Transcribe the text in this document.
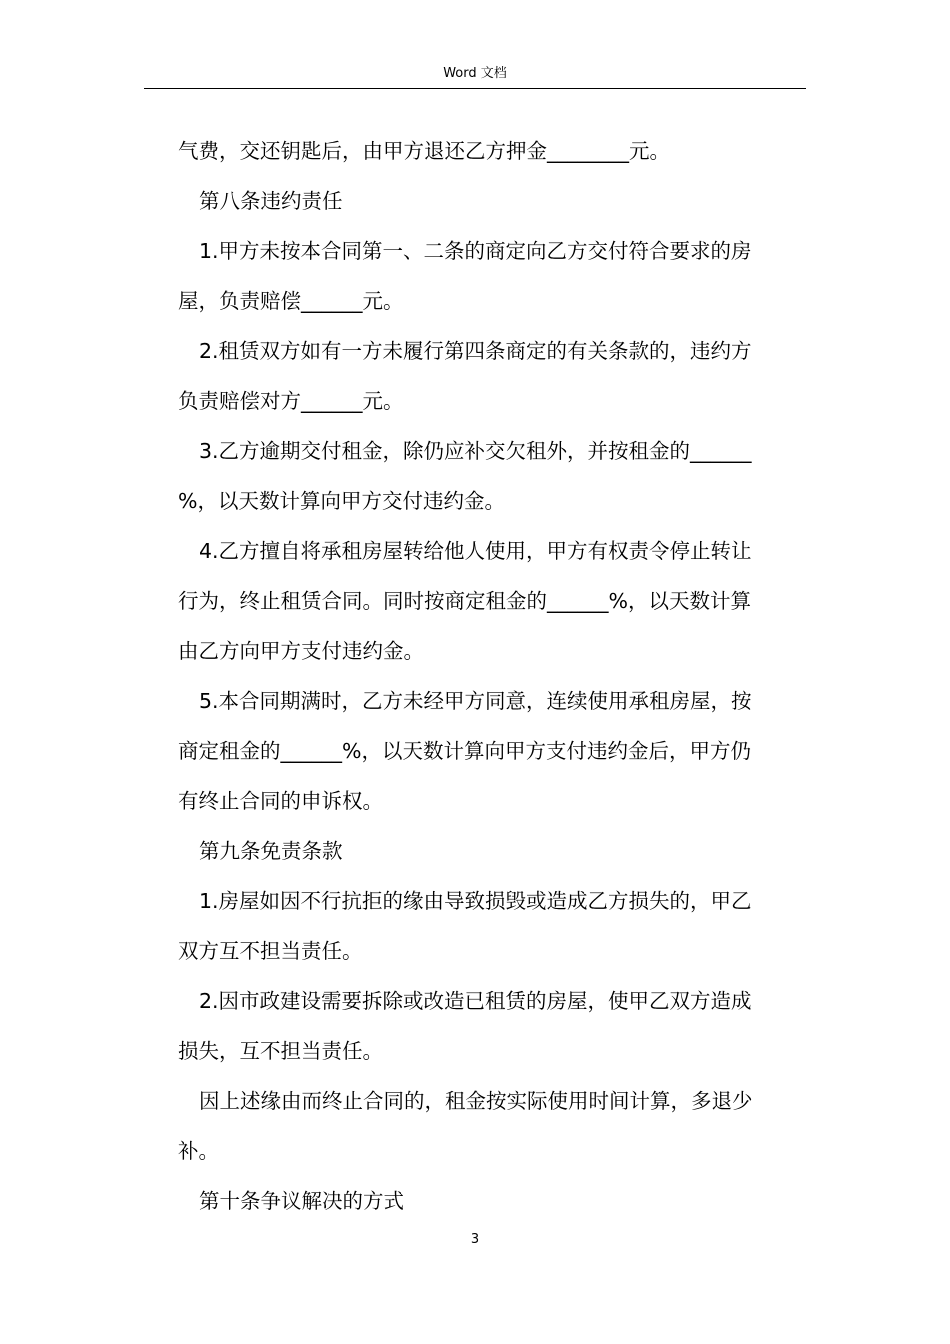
Word 文档

气费，交还钥匙后，由甲方退还乙方押金________元。

第八条违约责任

1.甲方未按本合同第一、二条的商定向乙方交付符合要求的房

屋，负责赔偿______元。

2.租赁双方如有一方未履行第四条商定的有关条款的，违约方

负责赔偿对方______元。

3.乙方逾期交付租金，除仍应补交欠租外，并按租金的______

%，以天数计算向甲方交付违约金。

4.乙方擅自将承租房屋转给他人使用，甲方有权责令停止转让

行为，终止租赁合同。同时按商定租金的______%，以天数计算

由乙方向甲方支付违约金。

5.本合同期满时，乙方未经甲方同意，连续使用承租房屋，按

商定租金的______%，以天数计算向甲方支付违约金后，甲方仍

有终止合同的申诉权。

第九条免责条款

1.房屋如因不行抗拒的缘由导致损毁或造成乙方损失的，甲乙

双方互不担当责任。

2.因市政建设需要拆除或改造已租赁的房屋，使甲乙双方造成

损失，互不担当责任。

因上述缘由而终止合同的，租金按实际使用时间计算，多退少

补。

第十条争议解决的方式

3
